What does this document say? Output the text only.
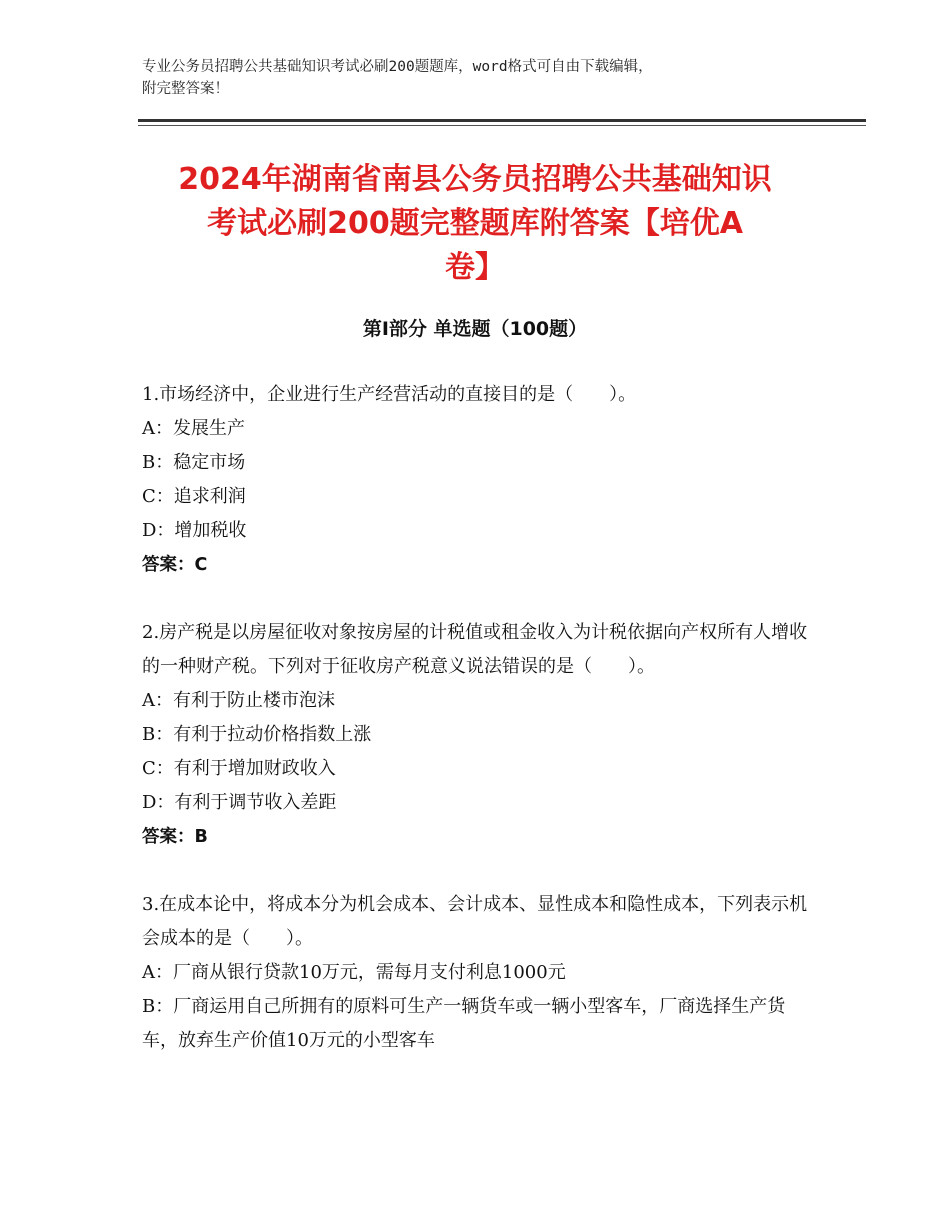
专业公务员招聘公共基础知识考试必刷200题题库，word格式可自由下载编辑，
附完整答案！
2024年湖南省南县公务员招聘公共基础知识
考试必刷200题完整题库附答案【培优A
卷】
第Ⅰ部分 单选题（100题）

1.市场经济中，企业进行生产经营活动的直接目的是（　　）。

A：发展生产

B：稳定市场

C：追求利润

D：增加税收

答案：C

2.房产税是以房屋征收对象按房屋的计税值或租金收入为计税依据向产权所有人增收的一种财产税。下列对于征收房产税意义说法错误的是（　　）。

A：有利于防止楼市泡沫

B：有利于拉动价格指数上涨

C：有利于增加财政收入

D：有利于调节收入差距

答案：B

3.在成本论中，将成本分为机会成本、会计成本、显性成本和隐性成本，下列表示机会成本的是（　　）。

A：厂商从银行贷款10万元，需每月支付利息1000元

B：厂商运用自己所拥有的原料可生产一辆货车或一辆小型客车，厂商选择生产货车，放弃生产价值10万元的小型客车
